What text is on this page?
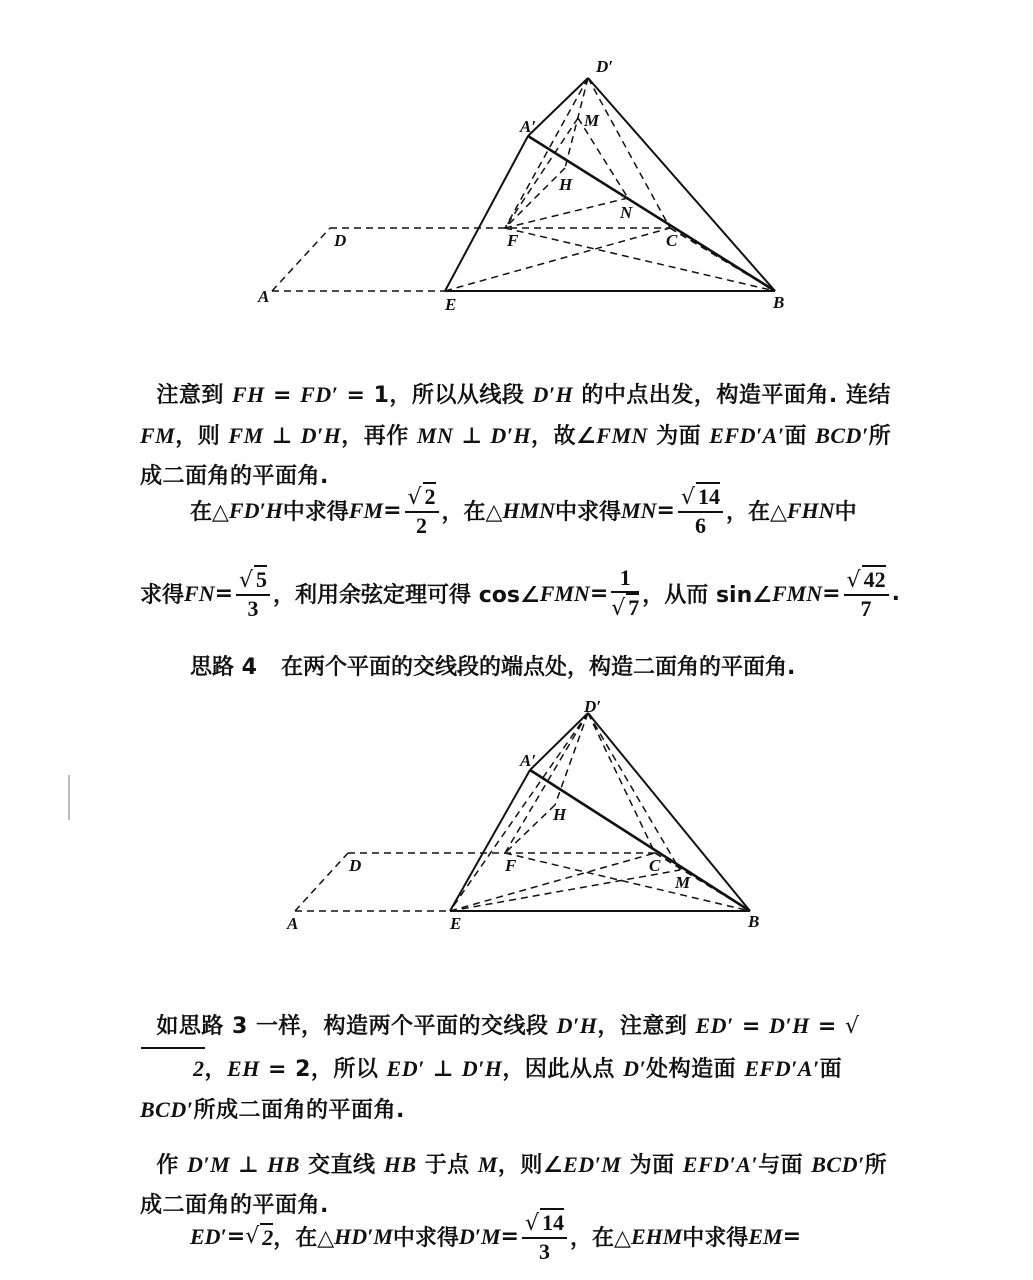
D′
A′	M
H
N
D	F	C
A	E	B

注意到 FH = FD′ = 1，所以从线段 D′H 的中点出发，构造平面角. 连结 FM，则 FM ⊥ D′H，再作 MN ⊥ D′H，故∠FMN 为面 EFD′A′面 BCD′所成二面角的平面角.

在△ FD′H 中求得 FM = $\frac{√ 2}{2}$ ，在△ HMN 中求得 MN = $\frac{√ 14}{6}$ ，在△ FHN 中
求得 FN = $\frac{√ 5}{3}$ ，利用余弦定理可得 cos∠ FMN = $\frac{1}{√ 7}$ ，从而 sin∠ FMN = $\frac{√ 42}{7}$ .
思路 4 在两个平面的交线段的端点处，构造二面角的平面角.
D′
A′
H
D	F	C
M
A	E	B

如思路 3 一样，构造两个平面的交线段 D′H，注意到 ED′ = D′H = √2，EH = 2，所以 ED′ ⊥ D′H，因此从点 D′处构造面 EFD′A′面 BCD′所成二面角的平面角.

作 D′M ⊥ HB 交直线 HB 于点 M，则∠ED′M 为面 EFD′A′与面 BCD′所成二面角的平面角.

ED′ = √ 2 ，在△ HD′M 中求得 $D'M = \frac{√ 14}{3}$ ，在△ EHM 中求得 EM =
